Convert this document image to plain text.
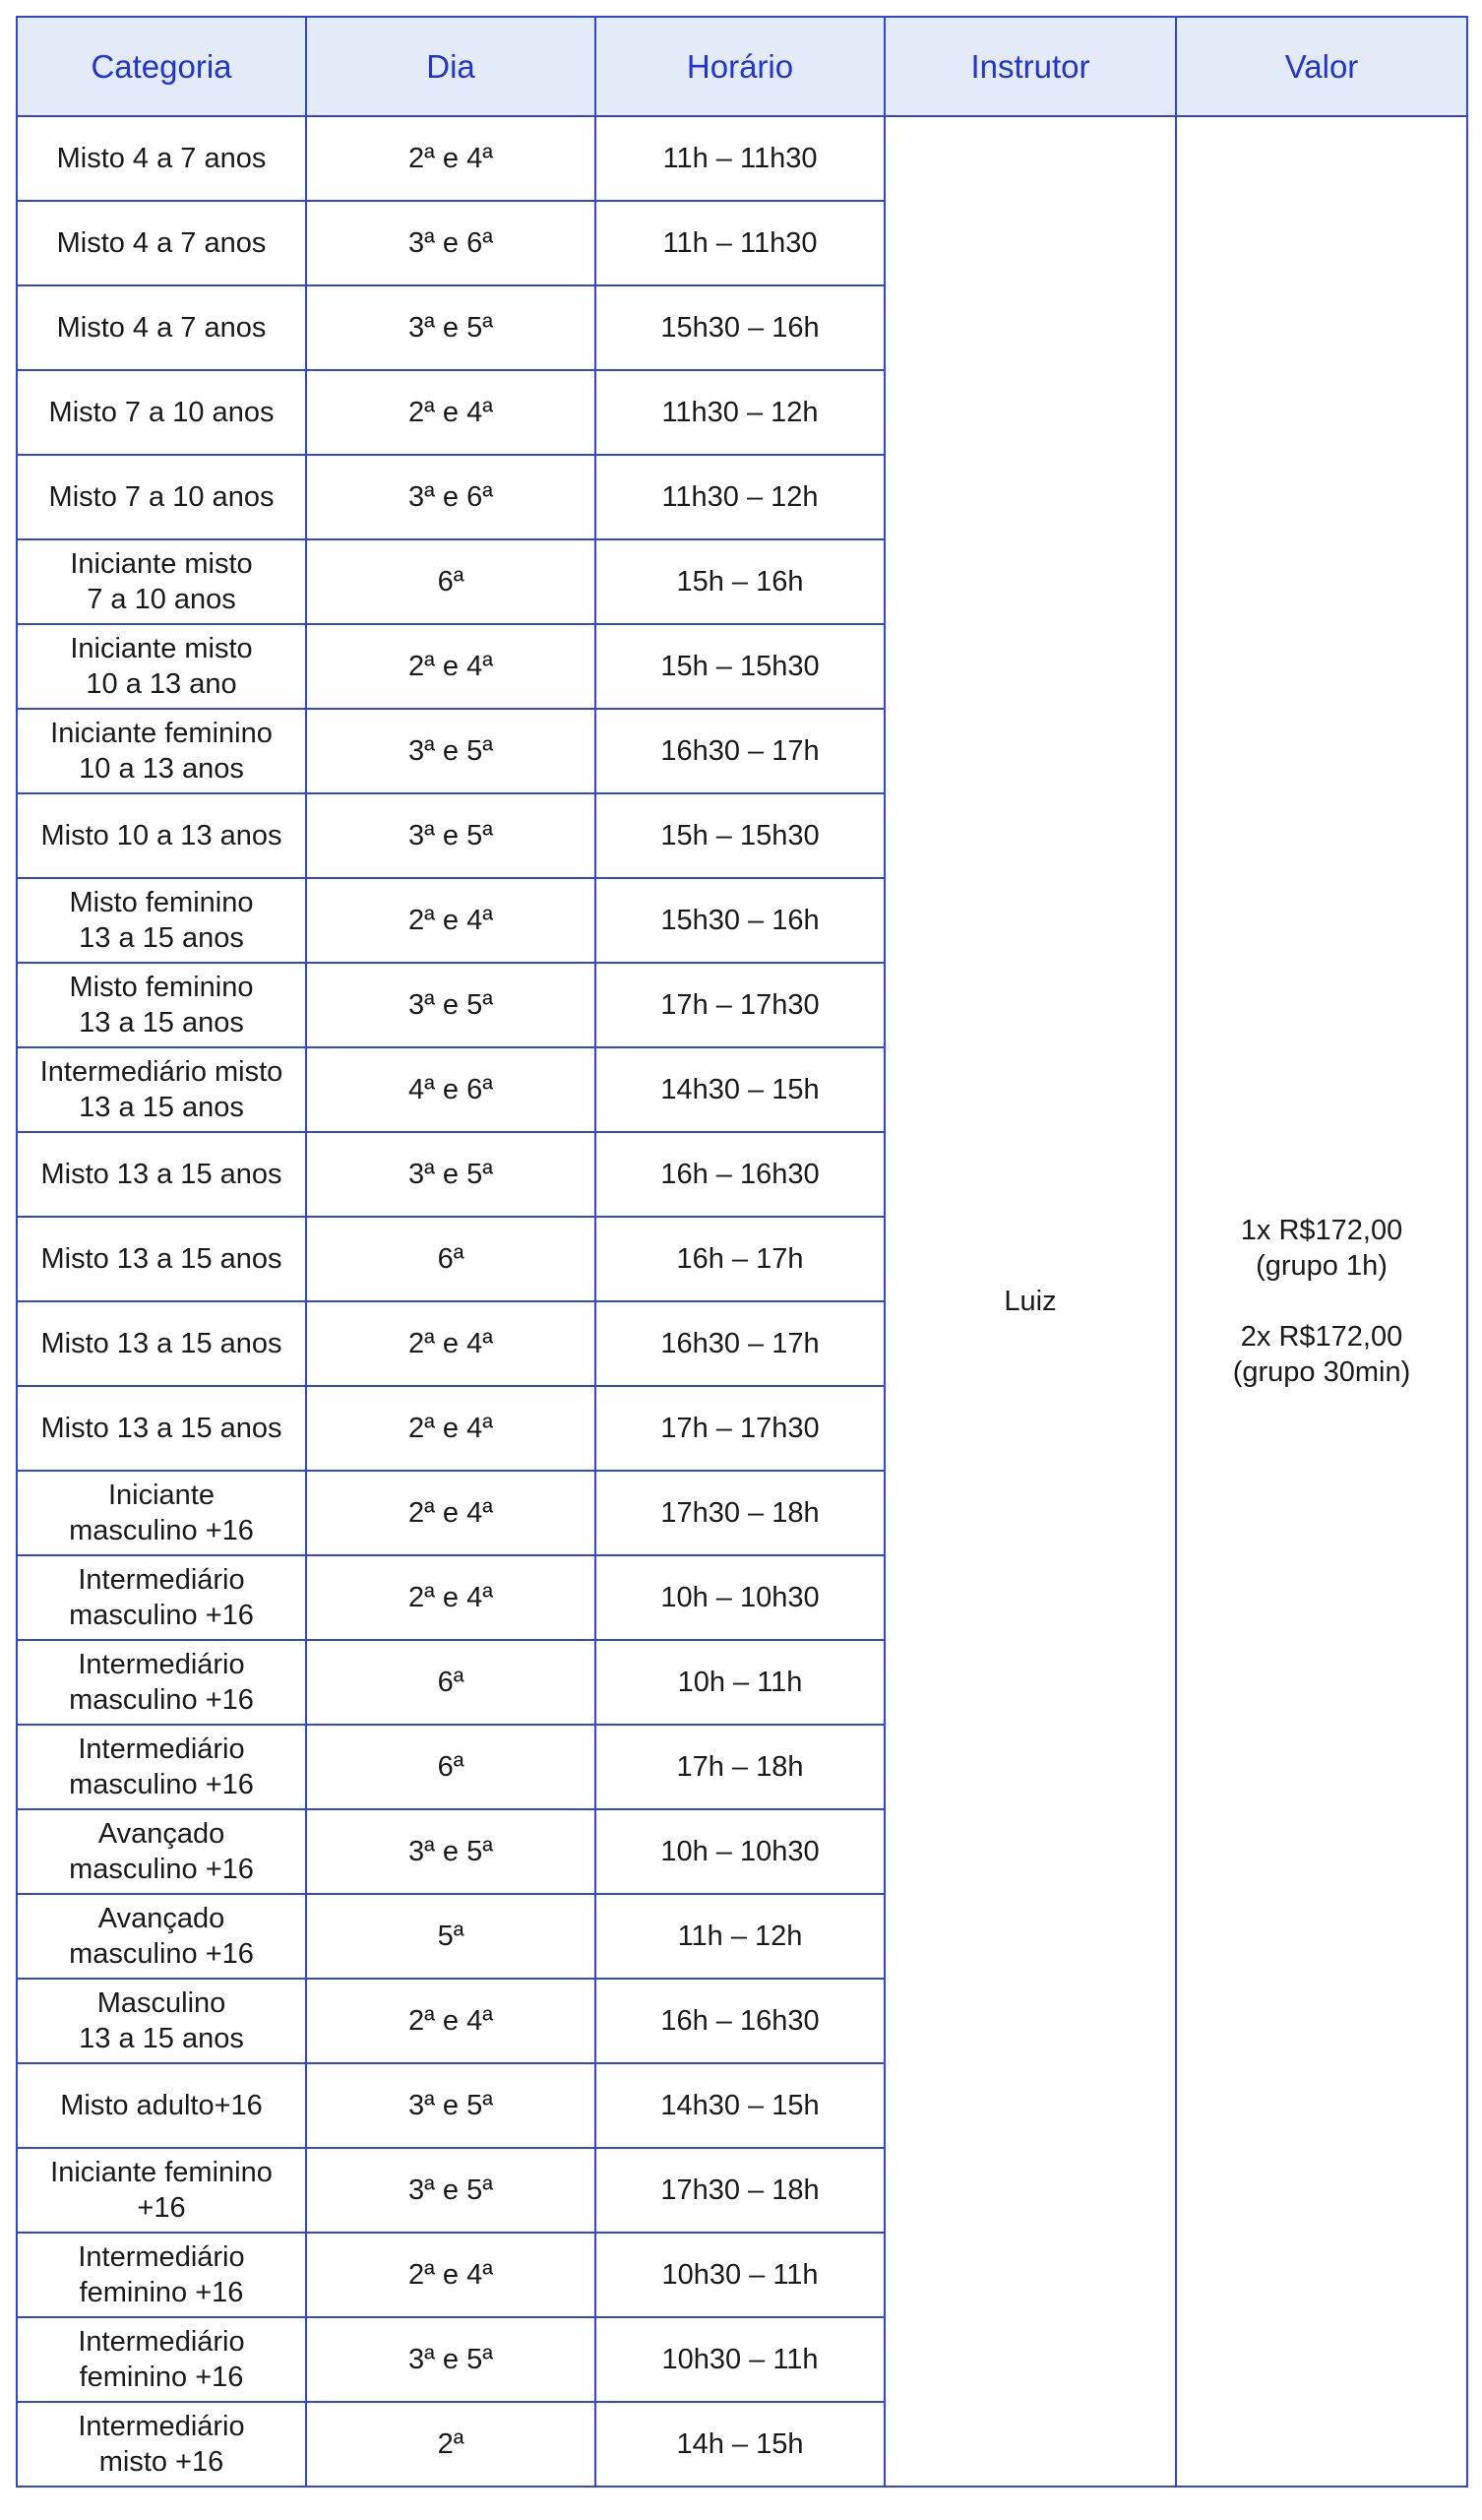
Categoria	Dia	Horário	Instrutor	Valor
Misto 4 a 7 anos	2ª e 4ª	11h – 11h30	Luiz	1x R$172,00
(grupo 1h)

2x R$172,00
(grupo 30min)
Misto 4 a 7 anos	3ª e 6ª	11h – 11h30		
Misto 4 a 7 anos	3ª e 5ª	15h30 – 16h		
Misto 7 a 10 anos	2ª e 4ª	11h30 – 12h		
Misto 7 a 10 anos	3ª e 6ª	11h30 – 12h		
Iniciante misto
7 a 10 anos	6ª	15h – 16h		
Iniciante misto
10 a 13 ano	2ª e 4ª	15h – 15h30		
Iniciante feminino
10 a 13 anos	3ª e 5ª	16h30 – 17h		
Misto 10 a 13 anos	3ª e 5ª	15h – 15h30		
Misto feminino
13 a 15 anos	2ª e 4ª	15h30 – 16h		
Misto feminino
13 a 15 anos	3ª e 5ª	17h – 17h30		
Intermediário misto
13 a 15 anos	4ª e 6ª	14h30 – 15h		
Misto 13 a 15 anos	3ª e 5ª	16h – 16h30		
Misto 13 a 15 anos	6ª	16h – 17h		
Misto 13 a 15 anos	2ª e 4ª	16h30 – 17h		
Misto 13 a 15 anos	2ª e 4ª	17h – 17h30		
Iniciante
masculino +16	2ª e 4ª	17h30 – 18h		
Intermediário
masculino +16	2ª e 4ª	10h – 10h30		
Intermediário
masculino +16	6ª	10h – 11h		
Intermediário
masculino +16	6ª	17h – 18h		
Avançado
masculino +16	3ª e 5ª	10h – 10h30		
Avançado
masculino +16	5ª	11h – 12h		
Masculino
13 a 15 anos	2ª e 4ª	16h – 16h30		
Misto adulto+16	3ª e 5ª	14h30 – 15h		
Iniciante feminino
+16	3ª e 5ª	17h30 – 18h		
Intermediário
feminino +16	2ª e 4ª	10h30 – 11h		
Intermediário
feminino +16	3ª e 5ª	10h30 – 11h		
Intermediário
misto +16	2ª	14h – 15h		
